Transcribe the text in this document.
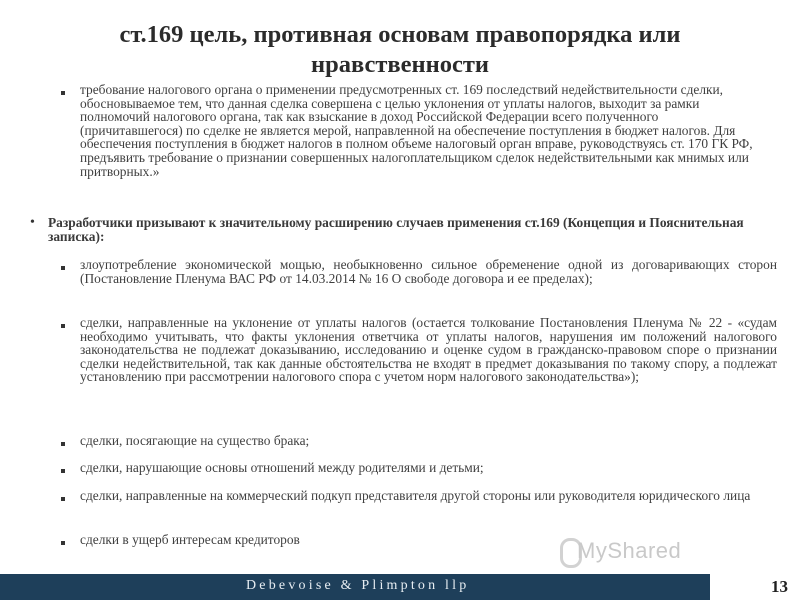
ст.169 цель, противная основам правопорядка или нравственности
требование налогового органа о применении предусмотренных ст. 169 последствий недействительности сделки, обосновываемое тем, что данная сделка совершена с целью уклонения от уплаты налогов, выходит за рамки полномочий налогового органа, так как взыскание в доход Российской Федерации всего полученного (причитавшегося) по сделке не является мерой, направленной на обеспечение поступления в бюджет налогов. Для обеспечения поступления в бюджет налогов в полном объеме налоговый орган вправе, руководствуясь ст. 170 ГК РФ, предъявить требование о признании совершенных налогоплательщиком сделок недействительными как мнимых или притворных.»
• Разработчики призывают к значительному расширению случаев применения ст.169 (Концепция и Пояснительная записка):
злоупотребление экономической мощью, необыкновенно сильное обременение одной из договаривающих сторон (Постановление Пленума ВАС РФ от 14.03.2014 № 16 О свободе договора и ее пределах);
сделки, направленные на уклонение от уплаты налогов (остается толкование Постановления Пленума № 22 - «судам необходимо учитывать, что факты уклонения ответчика от уплаты налогов, нарушения им положений налогового законодательства не подлежат доказыванию, исследованию и оценке судом в гражданско-правовом споре о признании сделки недействительной, так как данные обстоятельства не входят в предмет доказывания по такому спору, а подлежат установлению при рассмотрении налогового спора с учетом норм налогового законодательства»);
сделки, посягающие на существо брака;
сделки, нарушающие основы отношений между родителями и детьми;
сделки, направленные на коммерческий подкуп представителя другой стороны или руководителя юридического лица
сделки в ущерб интересам кредиторов	MyShared
Debevoise & Plimpton llp	13
